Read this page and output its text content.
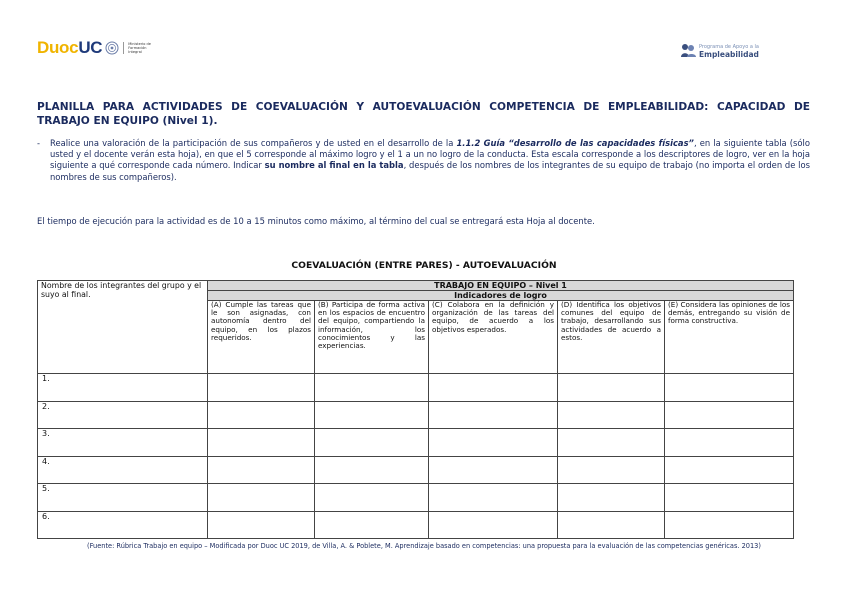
DuocUC	Ministerio de
Formación
Integral
Programa de Apoyo a la
Empleabilidad
PLANILLA PARA ACTIVIDADES DE COEVALUACIÓN Y AUTOEVALUACIÓN COMPETENCIA DE EMPLEABILIDAD: CAPACIDAD DE TRABAJO EN EQUIPO (Nivel 1).
- Realice una valoración de la participación de sus compañeros y de usted en el desarrollo de la 1.1.2 Guía “desarrollo de las capacidades físicas”, en la siguiente tabla (sólo usted y el docente verán esta hoja), en que el 5 corresponde al máximo logro y el 1 a un no logro de la conducta. Esta escala corresponde a los descriptores de logro, ver en la hoja siguiente a qué corresponde cada número. Indicar su nombre al final en la tabla, después de los nombres de los integrantes de su equipo de trabajo (no importa el orden de los nombres de sus compañeros).
El tiempo de ejecución para la actividad es de 10 a 15 minutos como máximo, al término del cual se entregará esta Hoja al docente.
COEVALUACIÓN (ENTRE PARES) - AUTOEVALUACIÓN
Nombre de los integrantes del grupo y el suyo al final.	TRABAJO EN EQUIPO – Nivel 1				
	Indicadores de logro				
	(A) Cumple las tareas que le son asignadas, con autonomía dentro del equipo, en los plazos requeridos.	(B) Participa de forma activa en los espacios de encuentro del equipo, compartiendo la información, los conocimientos y las experiencias.	(C) Colabora en la definición y organización de las tareas del equipo, de acuerdo a los objetivos esperados.	(D) Identifica los objetivos comunes del equipo de trabajo, desarrollando sus actividades de acuerdo a estos.	(E) Considera las opiniones de los demás, entregando su visión de forma constructiva.
1.					
2.					
3.					
4.					
5.					
6.					
(Fuente: Rúbrica Trabajo en equipo – Modificada por Duoc UC 2019, de Villa, A. & Poblete, M. Aprendizaje basado en competencias: una propuesta para la evaluación de las competencias genéricas. 2013)
